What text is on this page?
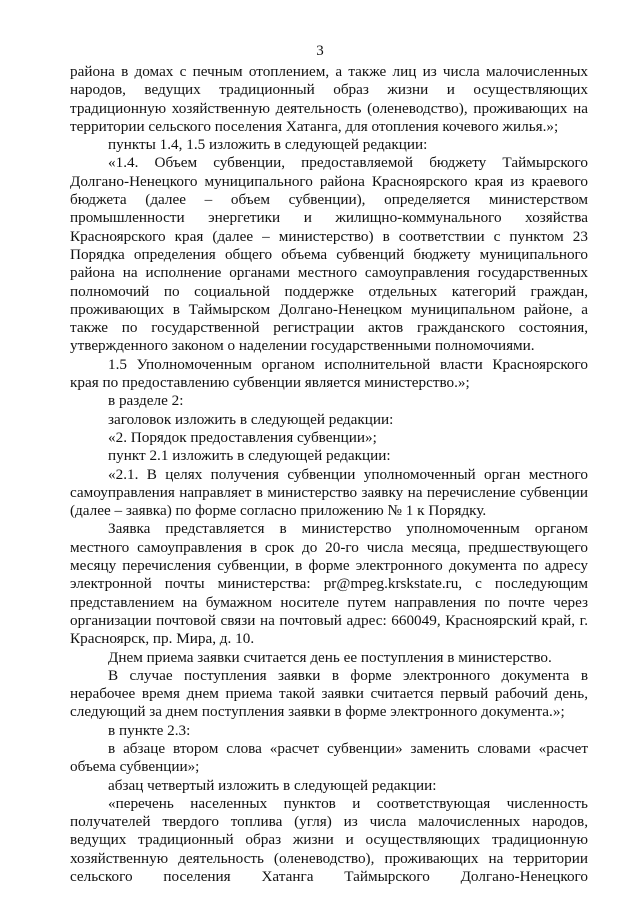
3

района в домах с печным отоплением, а также лиц из числа малочисленных народов, ведущих традиционный образ жизни и осуществляющих традиционную хозяйственную деятельность (оленеводство), проживающих на территории сельского поселения Хатанга, для отопления кочевого жилья.»;

пункты 1.4, 1.5 изложить в следующей редакции:

«1.4. Объем субвенции, предоставляемой бюджету Таймырского Долгано-Ненецкого муниципального района Красноярского края из краевого бюджета (далее – объем субвенции), определяется министерством промышленности энергетики и жилищно-коммунального хозяйства Красноярского края (далее – министерство) в соответствии с пунктом 23 Порядка определения общего объема субвенций бюджету муниципального района на исполнение органами местного самоуправления государственных полномочий по социальной поддержке отдельных категорий граждан, проживающих в Таймырском Долгано-Ненецком муниципальном районе, а также по государственной регистрации актов гражданского состояния, утвержденного законом о наделении государственными полномочиями.

1.5 Уполномоченным органом исполнительной власти Красноярского края по предоставлению субвенции является министерство.»;

в разделе 2:

заголовок изложить в следующей редакции:

«2. Порядок предоставления субвенции»;

пункт 2.1 изложить в следующей редакции:

«2.1. В целях получения субвенции уполномоченный орган местного самоуправления направляет в министерство заявку на перечисление субвенции (далее – заявка) по форме согласно приложению № 1 к Порядку.

Заявка представляется в министерство уполномоченным органом местного самоуправления в срок до 20-го числа месяца, предшествующего месяцу перечисления субвенции, в форме электронного документа по адресу электронной почты министерства: pr@mpeg.krskstate.ru, с последующим представлением на бумажном носителе путем направления по почте через организации почтовой связи на почтовый адрес: 660049, Красноярский край, г. Красноярск, пр. Мира, д. 10.

Днем приема заявки считается день ее поступления в министерство.

В случае поступления заявки в форме электронного документа в нерабочее время днем приема такой заявки считается первый рабочий день, следующий за днем поступления заявки в форме электронного документа.»;

в пункте 2.3:

в абзаце втором слова «расчет субвенции» заменить словами «расчет объема субвенции»;

абзац четвертый изложить в следующей редакции:

«перечень населенных пунктов и соответствующая численность получателей твердого топлива (угля) из числа малочисленных народов, ведущих традиционный образ жизни и осуществляющих традиционную хозяйственную деятельность (оленеводство), проживающих на территории сельского поселения Хатанга Таймырского Долгано-Ненецкого
